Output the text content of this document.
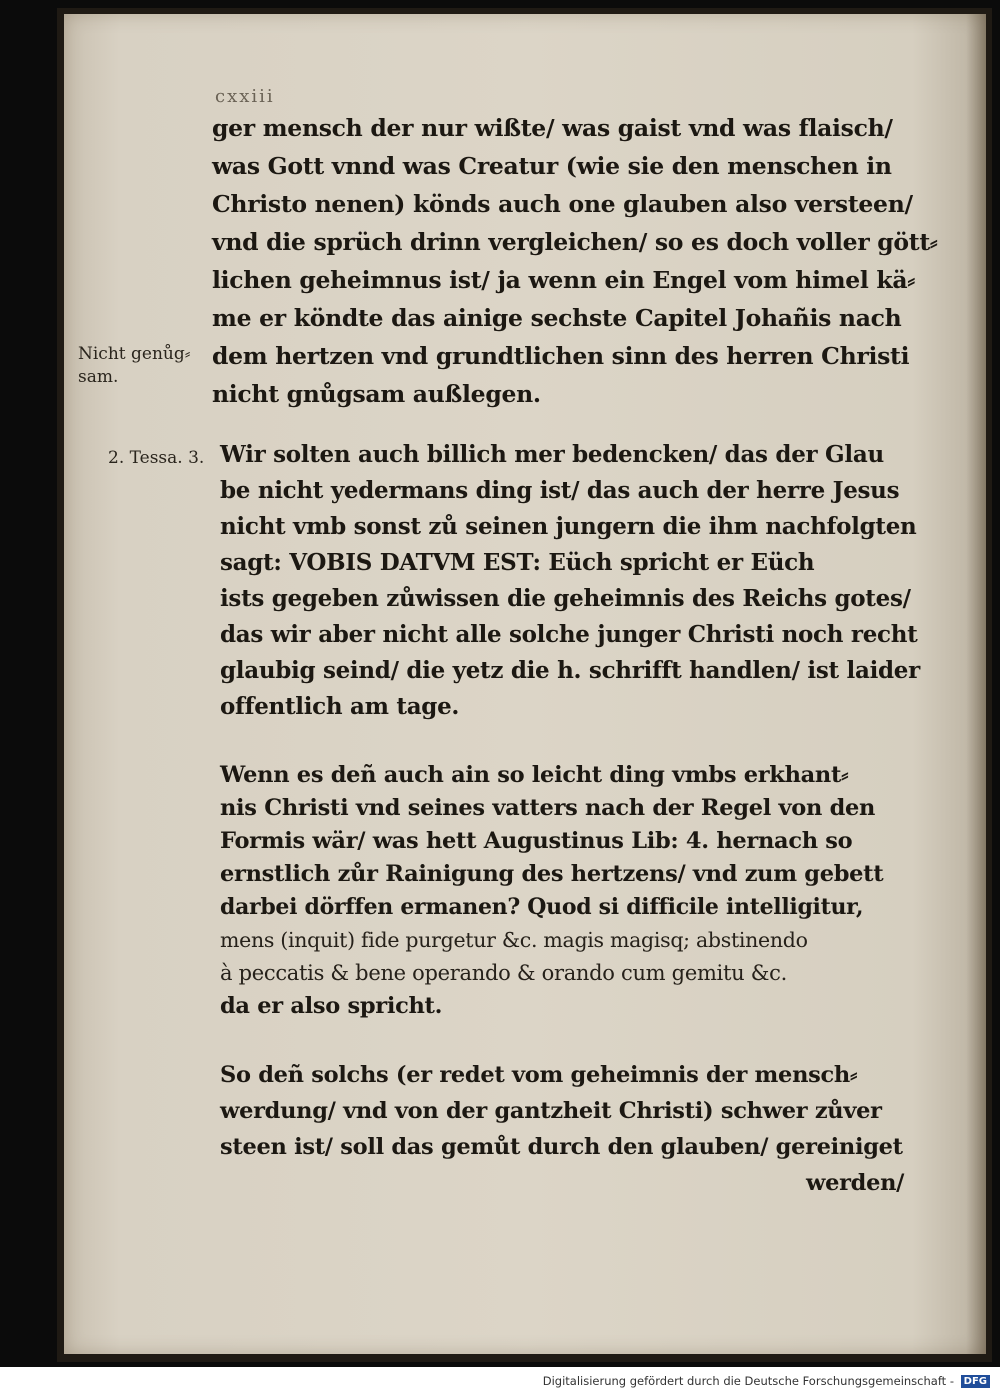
cxxiii
ger mensch der nur wißte/ was gaist vnd was flaisch/
was Gott vnnd was Creatur (wie sie den menschen in
Christo nenen) könds auch one glauben also versteen/
vnd die sprüch drinn vergleichen/ so es doch voller gött⸗
lichen geheimnus ist/ ja wenn ein Engel vom himel kä⸗
me er köndte das ainige sechste Capitel Johañis nach
dem hertzen vnd grundtlichen sinn des herren Christi
nicht gnůgsam außlegen.
Wir solten auch billich mer bedencken/ das der Glau
be nicht yedermans ding ist/ das auch der herre Jesus
nicht vmb sonst zů seinen jungern die ihm nachfolgten
sagt: VOBIS DATVM EST: Eüch spricht er Eüch
ists gegeben zůwissen die geheimnis des Reichs gotes/
das wir aber nicht alle solche junger Christi noch recht
glaubig seind/ die yetz die h. schrifft handlen/ ist laider
offentlich am tage.
Wenn es deñ auch ain so leicht ding vmbs erkhant⸗
nis Christi vnd seines vatters nach der Regel von den
Formis wär/ was hett Augustinus Lib: 4. hernach so
ernstlich zůr Rainigung des hertzens/ vnd zum gebett
darbei dörffen ermanen? Quod si difficile intelligitur,
mens (inquit) fide purgetur &c. magis magisq; abstinendo
à peccatis & bene operando & orando cum gemitu &c.
da er also spricht.
So deñ solchs (er redet vom geheimnis der mensch⸗
werdung/ vnd von der gantzheit Christi) schwer zůver
steen ist/ soll das gemůt durch den glauben/ gereiniget
werden/
Nicht genůg⸗
sam.
2. Tessa. 3.
Digitalisierung gefördert durch die Deutsche Forschungsgemeinschaft - DFG
